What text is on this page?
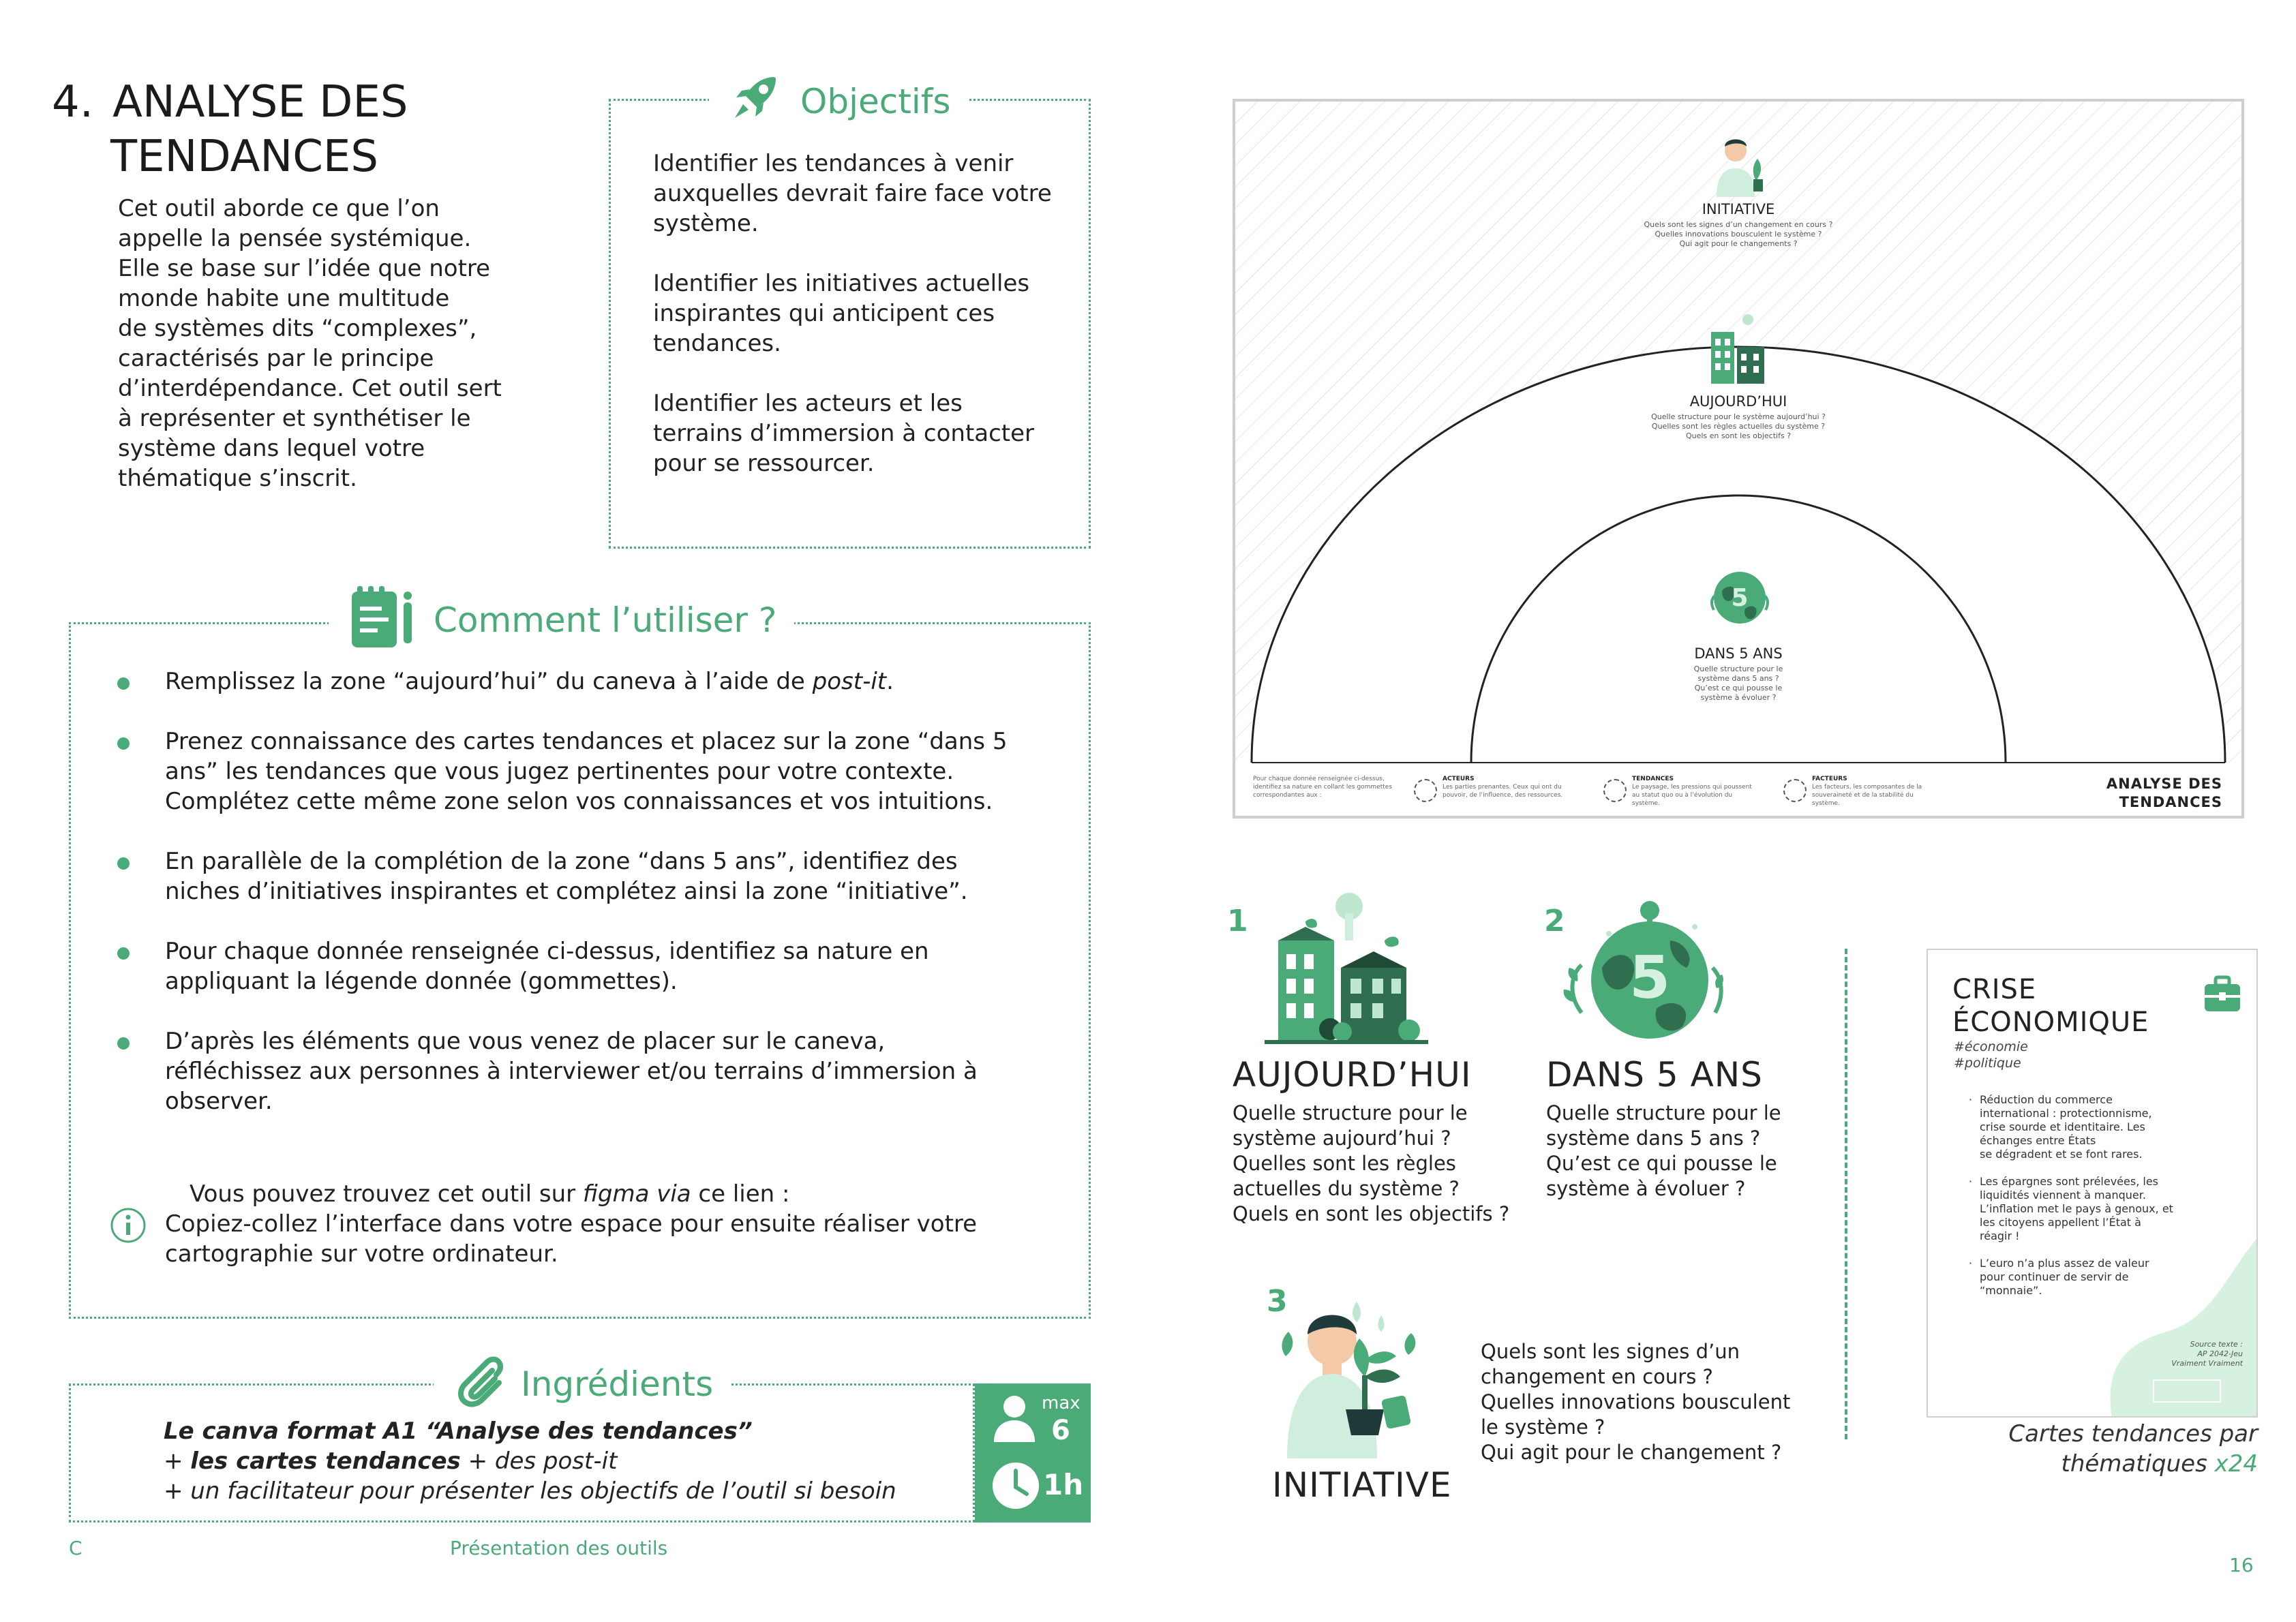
4. ANALYSE DES
TENDANCES
Cet outil aborde ce que l’on
appelle la pensée systémique.
Elle se base sur l’idée que notre
monde habite une multitude
de systèmes dits “complexes”,
caractérisés par le principe
d’interdépendance. Cet outil sert
à représenter et synthétiser le
système dans lequel votre
thématique s’inscrit.
Objectifs
Identifier les tendances à venir
auxquelles devrait faire face votre
système.
Identifier les initiatives actuelles
inspirantes qui anticipent ces
tendances.
Identifier les acteurs et les
terrains d’immersion à contacter
pour se ressourcer.
Comment l’utiliser ?
Remplissez la zone “aujourd’hui” du caneva à l’aide de post-it.
Prenez connaissance des cartes tendances et placez sur la zone “dans 5
ans” les tendances que vous jugez pertinentes pour votre contexte.
Complétez cette même zone selon vos connaissances et vos intuitions.
En parallèle de la complétion de la zone “dans 5 ans”, identifiez des
niches d’initiatives inspirantes et complétez ainsi la zone “initiative”.
Pour chaque donnée renseignée ci-dessus, identifiez sa nature en
appliquant la légende donnée (gommettes).
D’après les éléments que vous venez de placer sur le caneva,
réfléchissez aux personnes à interviewer et/ou terrains d’immersion à
observer.
Vous pouvez trouvez cet outil sur figma via ce lien :
Copiez-collez l’interface dans votre espace pour ensuite réaliser votre
cartographie sur votre ordinateur.
Ingrédients
Le canva format A1 “Analyse des tendances”
+ les cartes tendances + des post-it
+ un facilitateur pour présenter les objectifs de l’outil si besoin
max
6
1h
C	Présentation des outils
16
INITIATIVE
Quels sont les signes d’un changement en cours ?
Quelles innovations bousculent le système ?
Qui agit pour le changements ?
AUJOURD’HUI
Quelle structure pour le système aujourd’hui ?
Quelles sont les règles actuelles du système ?
Quels en sont les objectifs ?
5
DANS 5 ANS
Quelle structure pour le
système dans 5 ans ?
Qu’est ce qui pousse le
système à évoluer ?
Pour chaque donnée renseignée ci-dessus,
identifiez sa nature en collant les gommettes
correspondantes aux :
ACTEURS
Les parties prenantes. Ceux qui ont du
pouvoir, de l’influence, des ressources.
TENDANCES
Le paysage, les pressions qui poussent
au statut quo ou à l’évolution du
système.
FACTEURS
Les facteurs, les composantes de la
souveraineté et de la stabilité du
système.
ANALYSE DES
TENDANCES
1
AUJOURD’HUI
Quelle structure pour le
système aujourd’hui ?
Quelles sont les règles
actuelles du système ?
Quels en sont les objectifs ?
2
5
DANS 5 ANS
Quelle structure pour le
système dans 5 ans ?
Qu’est ce qui pousse le
système à évoluer ?
3
INITIATIVE
Quels sont les signes d’un
changement en cours ?
Quelles innovations bousculent
le système ?
Qui agit pour le changement ?
CRISE
ÉCONOMIQUE
#économie
#politique
· Réduction du commerce
international : protectionnisme,
crise sourde et identitaire. Les
échanges entre États
se dégradent et se font rares.
· Les épargnes sont prélevées, les
liquidités viennent à manquer.
L’inflation met le pays à genoux, et
les citoyens appellent l’État à
réagir !
· L’euro n’a plus assez de valeur
pour continuer de servir de
“monnaie”.
Source texte :
AP 2042-Jeu
Vraiment Vraiment
Cartes tendances par
thématiques x24
